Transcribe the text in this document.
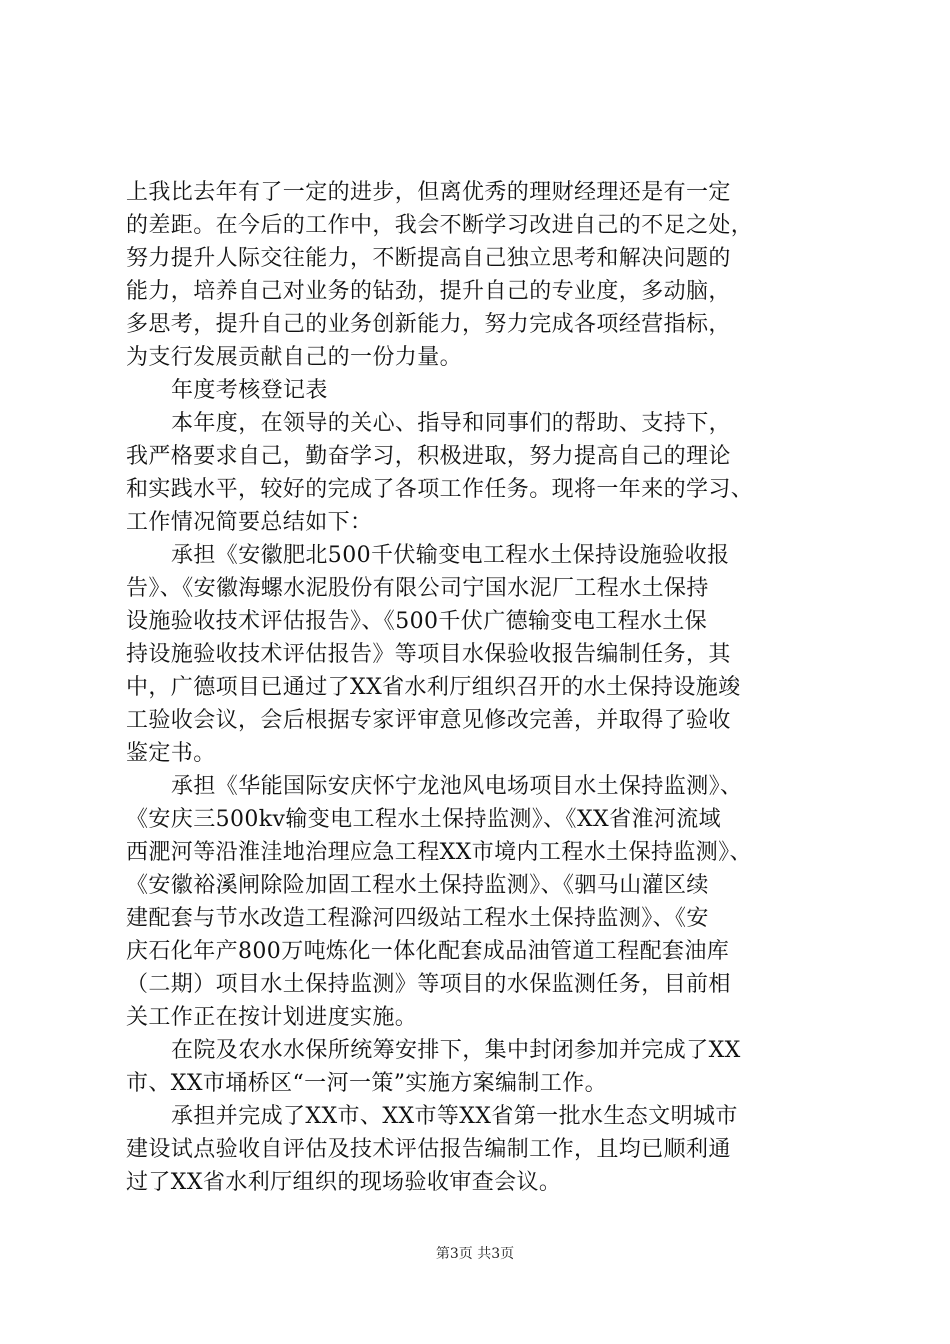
上我比去年有了一定的进步，但离优秀的理财经理还是有一定
的差距。在今后的工作中，我会不断学习改进自己的不足之处，
努力提升人际交往能力，不断提高自己独立思考和解决问题的
能力，培养自己对业务的钻劲，提升自己的专业度，多动脑，
多思考，提升自己的业务创新能力，努力完成各项经营指标，
为支行发展贡献自己的一份力量。
年度考核登记表
本年度，在领导的关心、指导和同事们的帮助、支持下，
我严格要求自己，勤奋学习，积极进取，努力提高自己的理论
和实践水平，较好的完成了各项工作任务。现将一年来的学习、
工作情况简要总结如下：
承担《安徽肥北500千伏输变电工程水土保持设施验收报
告》、《安徽海螺水泥股份有限公司宁国水泥厂工程水土保持
设施验收技术评估报告》、《500千伏广德输变电工程水土保
持设施验收技术评估报告》等项目水保验收报告编制任务，其
中，广德项目已通过了XX省水利厅组织召开的水土保持设施竣
工验收会议，会后根据专家评审意见修改完善，并取得了验收
鉴定书。
承担《华能国际安庆怀宁龙池风电场项目水土保持监测》、
《安庆三500kv输变电工程水土保持监测》、《XX省淮河流域
西淝河等沿淮洼地治理应急工程XX市境内工程水土保持监测》、
《安徽裕溪闸除险加固工程水土保持监测》、《驷马山灌区续
建配套与节水改造工程滁河四级站工程水土保持监测》、《安
庆石化年产800万吨炼化一体化配套成品油管道工程配套油库
（二期）项目水土保持监测》等项目的水保监测任务，目前相
关工作正在按计划进度实施。
在院及农水水保所统筹安排下，集中封闭参加并完成了XX
市、XX市埇桥区“一河一策”实施方案编制工作。
承担并完成了XX市、XX市等XX省第一批水生态文明城市
建设试点验收自评估及技术评估报告编制工作，且均已顺利通
过了XX省水利厅组织的现场验收审查会议。
第3页 共3页
